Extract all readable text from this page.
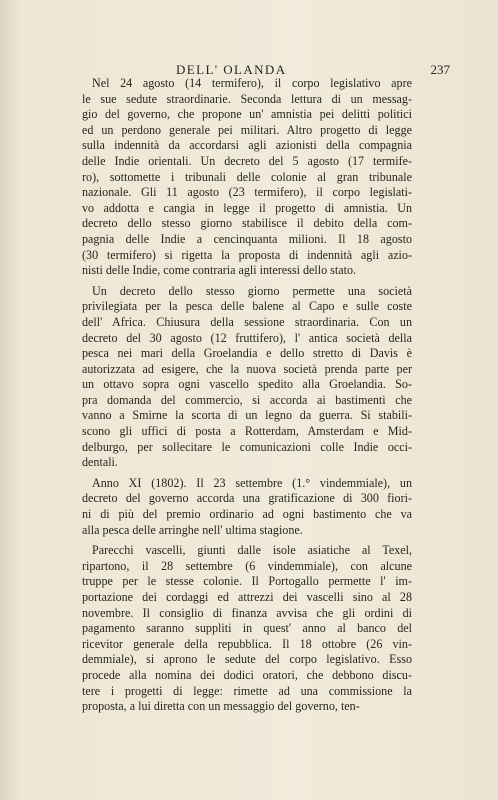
DELL' OLANDA	237
Nel 24 agosto (14 termifero), il corpo legislativo apre
le sue sedute straordinarie. Seconda lettura di un messag-
gio del governo, che propone un' amnistia pei delitti politici
ed un perdono generale pei militari. Altro progetto di legge
sulla indennità da accordarsi agli azionisti della compagnia
delle Indie orientali. Un decreto del 5 agosto (17 termife-
ro), sottomette i tribunali delle colonie al gran tribunale
nazionale. Gli 11 agosto (23 termifero), il corpo legislati-
vo addotta e cangia in legge il progetto di amnistia. Un
decreto dello stesso giorno stabilisce il debito della com-
pagnia delle Indie a cencinquanta milioni. Il 18 agosto
(30 termifero) si rigetta la proposta di indennità agli azio-
nisti delle Indie, come contraria agli interessi dello stato.
Un decreto dello stesso giorno permette una società
privilegiata per la pesca delle balene al Capo e sulle coste
dell' Africa. Chiusura della sessione straordinaria. Con un
decreto del 30 agosto (12 fruttifero), l' antica società della
pesca nei mari della Groelandia e dello stretto di Davis è
autorizzata ad esigere, che la nuova società prenda parte per
un ottavo sopra ogni vascello spedito alla Groelandia. So-
pra domanda del commercio, si accorda ai bastimenti che
vanno a Smirne la scorta di un legno da guerra. Si stabili-
scono gli uffici di posta a Rotterdam, Amsterdam e Mid-
delburgo, per sollecitare le comunicazioni colle Indie occi-
dentali.
Anno XI (1802). Il 23 settembre (1.° vindemmiale), un
decreto del governo accorda una gratificazione di 300 fiori-
ni di più del premio ordinario ad ogni bastimento che va
alla pesca delle arringhe nell' ultima stagione.
Parecchi vascelli, giunti dalle isole asiatiche al Texel,
ripartono, il 28 settembre (6 vindemmiale), con alcune
truppe per le stesse colonie. Il Portogallo permette l' im-
portazione dei cordaggi ed attrezzi dei vascelli sino al 28
novembre. Il consiglio di finanza avvisa che gli ordini di
pagamento saranno suppliti in quest' anno al banco del
ricevitor generale della repubblica. Il 18 ottobre (26 vin-
demmiale), si aprono le sedute del corpo legislativo. Esso
procede alla nomina dei dodici oratori, che debbono discu-
tere i progetti di legge: rimette ad una commissione la
proposta, a lui diretta con un messaggio del governo, ten-
